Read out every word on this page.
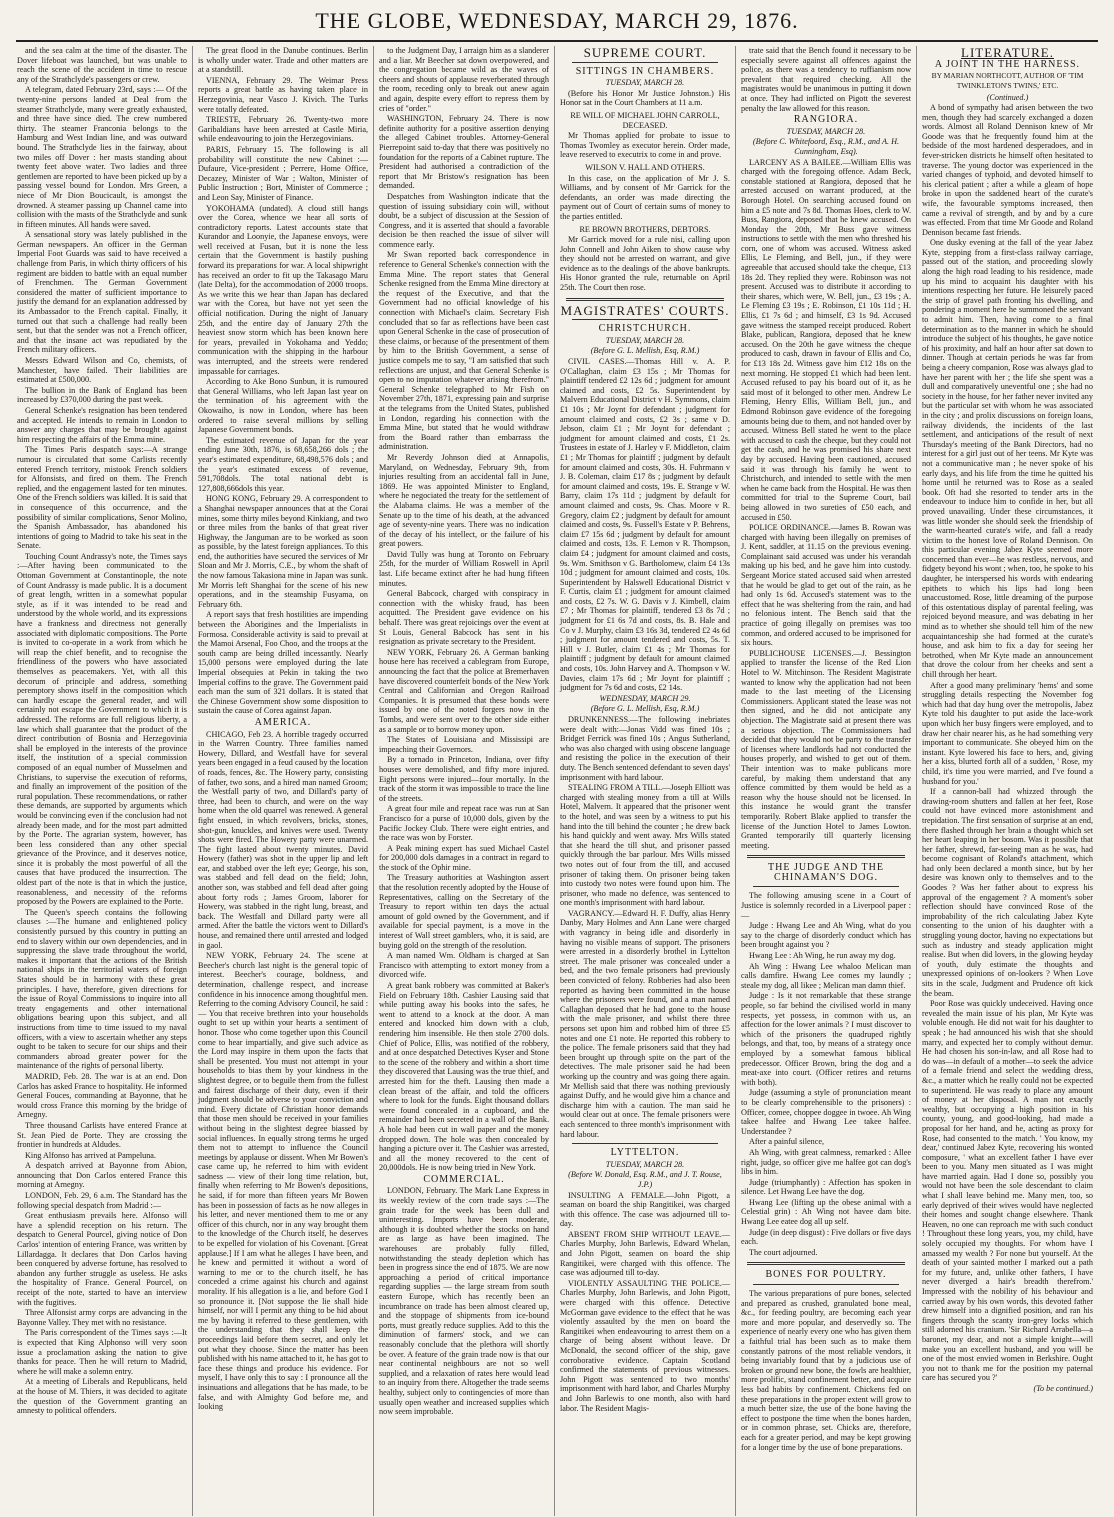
THE GLOBE, WEDNESDAY, MARCH 29, 1876.

and the sea calm at the time of the disaster. The Dover lifeboat was launched, but was unable to reach the scene of the accident in time to rescue any of the Strathclyde's passengers or crew.

A telegram, dated February 23rd, says :— Of the twenty-nine persons landed at Deal from the steamer Strathclyde, many were greatly exhausted, and three have since died. The crew numbered thirty. The steamer Franconia belongs to the Hamburg and West Indian line, and was outward bound. The Strathclyde lies in the fairway, about two miles off Dover : her masts standing about twenty feet above water. Two ladies and three gentlemen are reported to have been picked up by a passing vessel bound for London. Mrs Green, a niece of Mr Dion Boucicault, is amongst the drowned. A steamer passing up Channel came into collision with the masts of the Strathclyde and sunk in fifteen minutes. All hands were saved.

A sensational story was lately published in the German newspapers. An officer in the German Imperial Foot Guards was said to have received a challenge from Paris, in which thirty officers of his regiment are bidden to battle with an equal number of Frenchmen. The German Government considered the matter of sufficient importance to justify the demand for an explanation addressed by its Ambassador to the French capital. Finally, it turned out that such a challenge had really been sent, but that the sender was not a French officer, and that the insane act was repudiated by the French military officers.

Messrs Edward Wilson and Co, chemists, of Manchester, have failed. Their liabilities are estimated at £500,000.

The bullion in the Bank of England has been increased by £370,000 during the past week.

General Schenke's resignation has been tendered and accepted. He intends to remain in London to answer any charges that may be brought against him respecting the affairs of the Emma mine.

The Times Paris despatch says:—A strange rumour is circulated that some Carlists recently entered French territory, mistook French soldiers for Alfonsists, and fired on them. The French replied, and the engagement lasted for ten minutes. One of the French soldiers was killed. It is said that in consequence of this occurrence, and the possibility of similar complications, Senor Molino, the Spanish Ambassador, has abandoned his intentions of going to Madrid to take his seat in the Senate.

Touching Count Andrassy's note, the Times says :—After having been communicated to the Ottoman Government at Constantinople, the note of Count Andrassy is made public. It is a document of great length, written in a somewhat popular style, as if it was intended to be read and understood by the whole world, and its expressions have a frankness and directness not generally associated with diplomatic compositions. The Porte is invited to co-operate in a work from which he will reap the chief benefit, and to recognise the friendliness of the powers who have associated themselves as peacemakers. Yet, with all this decorum of principle and address, something peremptory shows itself in the composition which can hardly escape the general reader, and will certainly not escape the Government to which it is addressed. The reforms are full religious liberty, a law which shall guarantee that the product of the direct contribution of Bosnia and Herzegovinia shall be employed in the interests of the province itself, the institution of a special commission composed of an equal number of Musselmen and Christians, to supervise the execution of reforms, and finally an improvement of the position of the rural population. These recommendations, or rather these demands, are supported by arguments which would be convincing even if the conclusion had not already been made, and for the most part admitted by the Porte. The agrarian system, however, has been less considered than any other special grievance of the Province, and it deserves notice, since it is probably the most powerful of all the causes that have produced the insurrection. The oldest part of the note is that in which the justice, reasonableness, and necessity of the reforms proposed by the Powers are explained to the Porte.

The Queen's speech contains the following clauses :—The humane and enlightened policy consistently pursued by this country in putting an end to slavery within our own dependencies, and in suppressing the slave trade throughout the world, makes it important that the actions of the British national ships in the territorial waters of foreign States should be in harmony with these great principles. I have, therefore, given directions for the issue of Royal Commissions to inquire into all treaty engagements and other international obligations bearing upon this subject, and all instructions from time to time issued to my naval officers, with a view to ascertain whether any steps ought to be taken to secure for our ships and their commanders abroad greater power for the maintenance of the rights of personal liberty.

MADRID, Feb. 28. The war is at an end. Don Carlos has asked France to hospitality. He informed General Fouces, commanding at Bayonne, that he would cross France this morning by the bridge of Arnegny.

Three thousand Carlists have entered France at St. Jean Pied de Porte. They are crossing the frontier in hundreds at Aldudes.

King Alfonso has arrived at Pampeluna.

A despatch arrived at Bayonne from Abion, announcing that Don Carlos entered France this morning at Arnegny.

LONDON, Feb. 29, 6 a.m. The Standard has the following special despatch from Madrid :—

Great enthusiasm prevails here. Alfonso will have a splendid reception on his return. The despatch to General Pourcel, giving notice of Don Carlos' intention of entering France, was written by Lillardagga. It declares that Don Carlos having been conquered by adverse fortune, has resolved to abandon any further struggle as useless. He asks the hospitality of France. General Pourcel, on receipt of the note, started to have an interview with the fugitives.

Three Alfonsist army corps are advancing in the Bayonne Valley. They met with no resistance.

The Paris correspondent of the Times says :—It is expected that King Alphonso will very soon issue a proclamation asking the nation to give thanks for peace. Then he will return to Madrid, where he will make a solemn entry.

At a meeting of Liberals and Republicans, held at the house of M. Thiers, it was decided to agitate the question of the Government granting an amnesty to political offenders.

The great flood in the Danube continues. Berlin is wholly under water. Trade and other matters are at a standstill.

VIENNA, February 29. The Weimar Press reports a great battle as having taken place in Herzegovinia, near Vasco J. Kivich. The Turks were totally defeated.

TRIESTE, February 26. Twenty-two more Garibaldians have been arrested at Castle Miria, while endeavouring to join the Herzegovinians.

PARIS, February 15. The following is all probability will constitute the new Cabinet :—Dufaure, Vice-president ; Perrere, Home Office, Decazey, Minister of War ; Walton, Minister of Public Instruction ; Bort, Minister of Commerce ; and Leon Say, Minister of Finance.

YOKOHAMA (undated). A cloud still hangs over the Corea, whence we hear all sorts of contradictory reports. Latest accounts state that Kurandor and Loonyie, the Japanese envoys, were well received at Fusan, but it is none the less certain that the Government is hastily pushing forward its preparations for war. A local shipwright has received an order to fit up the Takasago Maru (late Delta), for the accommodation of 2000 troops. As we write this we hear than Japan has declared war with the Corea, but have not yet seen the official notification. During the night of January 25th, and the entire day of January 27th the heaviest snow storm which has been known here for years, prevailed in Yokohama and Yeddo; communication with the shipping in the harbour was interrupted, and the streets were rendered impassable for carriages.

According to Ake Bono Sunbun, it is rumoured that General Williams, who left Japan last year on the termination of his agreement with the Okowaiho, is now in London, where has been ordered to raise several millions by selling Japanese Government bonds.

The estimated revenue of Japan for the year ending June 30th, 1876, is 68,658,266 dols ; the year's estimated expenditure, 68,498,576 dols ; and the year's estimated excess of revenue, 591,708dols. The total national debt is 127,808,666dols this year.

HONG KONG, February 29. A correspondent to a Shanghai newspaper announces that at the Corai mines, some thirty miles beyond Kinkiang, and two or three miles from the banks of that great river Highway, the Janguman are to be worked as soon as possible, by the latest foreign appliances. To this end, the authorities have secured the services of Mr Sloan and Mr J. Morris, C.E., by whom the shaft of the now famous Takasiona mine in Japan was sunk. Mr Morris left Shanghai for the scene of his new operations, and in the steamship Fusyama, on February 6th.

A report says that fresh hostilities are impending between the Aborigines and the Imperialists in Formosa. Considerable activity is said to prevail at the Mamoi Arsenal, Foo Choo, and the troops at the south camp are being drilled incessantly. Nearly 15,000 persons were employed during the late Imperial obsequies at Pekin in taking the two Imperial coffins to the grave. The Government paid each man the sum of 321 dollars. It is stated that the Chinese Government show some disposition to sustain the cause of Corea against Japan.

AMERICA.

CHICAGO, Feb 23. A horrible tragedy occurred in the Warren Country. Three families named Howery, Dillard, and Westfall have for several years been engaged in a feud caused by the location of roads, fences, &c. The Howery party, consisting of father, two sons, and a hired man named Groom; the Westfall party of two, and Dillard's party of three, had been to church, and were on the way home when the old quarrel was renewed. A general fight ensued, in which revolvers, bricks, stones, shot-gun, knuckles, and knives were used. Twenty shots were fired. The Howery party were unarmed. The fight lasted about twenty minutes. David Howery (father) was shot in the upper lip and left ear, and stabbed over the left eye; George, his son, was stabbed and fell dead on the field; John, another son, was stabbed and fell dead after going about forty rods ; James Groom, laborer for Howery, was stabbed in the right lung, breast, and back. The Westfall and Dillard party were all armed. After the battle the victors went to Dillard's house, and remained there until arrested and lodged in gaol.

NEW YORK, February 24. The scene at Beecher's church last night is the general topic of interest. Beecher's courage, boldness, and determination, challenge respect, and increase confidence in his innocence among thoughtful men. Referring to the coming Advisory Council, he said :— You that receive brethren into your households ought to set up within your hearts a sentiment of honor. Those who come together upon this Council come to hear impartially, and give such advice as the Lord may inspire in them upon the facts that shall be presented. You must not attempt in your households to bias them by your kindness in the slightest degree, or to beguile them from the fullest and fairest discharge of their duty, even if their judgment should be adverse to your conviction and mind. Every dictate of Christian honor demands that those men should be received in your families without being in the slightest degree biassed by social influences. In equally strong terms he urged them not to attempt to influence the Council meetings by applause or dissent. When Mr Bowen's case came up, he referred to him with evident sadness — view of their long time relation, but, finally when referring to Mr Bowen's depositions, he said, if for more than fifteen years Mr Bowen has been in possession of facts as he now alleges in his letter, and never mentioned them to me or any officer of this church, nor in any way brought them to the knowledge of the Church itself, he deserves to be expelled for violation of his Covenant. [Great applause.] If I am what he alleges I have been, and he knew and permitted it without a word of warning to me or to the church itself, he has conceded a crime against his church and against morality. If his allegation is a lie, and before God I so pronounce it. [Not suppose the lie shall hide himself, nor will I permit any thing to be hid about me by having it referred to these gentlemen, with the understanding that they shall keep the proceedings laid before them secret, and only let out what they choose. Since the matter has been published with his name attached to it, he has got to face these things and produce his evidence. For myself, I have only this to say : I pronounce all the insinuations and allegations that he has made, to be false, and with Almighty God before me, and looking

to the Judgment Day, I arraign him as a slanderer and a liar. Mr Beecher sat down overpowered, and the congregation became wild as the waves of cheers and shouts of applause reverberated through the room, receding only to break out anew again and again, despite every effort to repress them by cries of "order."

WASHINGTON, February 24. There is now definite authority for a positive assertion denying the alleged Cabinet troubles. Attorney-General Pierrepoint said to-day that there was positively no foundation for the reports of a Cabinet rupture. The President had authorised a contradiction of the report that Mr Bristow's resignation has been demanded.

Despatches from Washington indicate that the question of issuing subsidiary coin will, without doubt, be a subject of discussion at the Session of Congress, and it is asserted that should a favorable decision be then reached the issue of silver will commence early.

Mr Swan reported back correspondence in reference to General Schenke's connection with the Emma Mine. The report states that General Schenke resigned from the Emma Mine directory at the request of the Executive, and that the Government had no official knowledge of his connection with Michael's claim. Secretary Fish concluded that so far as reflections have been cast upon General Schenke in the case of prosecution of these claims, or because of the presentment of them by him to the British Government, a sense of justice compels me to say, "I am satisfied that such reflections are unjust, and that General Schenke is open to no imputation whatever arising therefrom." General Schenke telegraphed to Mr Fish on November 27th, 1871, expressing pain and surprise at the telegrams from the United States, published in London, regarding his connection with the Emma Mine, but stated that he would withdraw from the Board rather than embarrass the administration.

Mr Reverdy Johnson died at Annapolis, Maryland, on Wednesday, February 9th, from injuries resulting from an accidental fall in June, 1869. He was appointed Minister to England, where he negociated the treaty for the settlement of the Alabama claims. He was a member of the Senate up to the time of his death, at the advanced age of seventy-nine years. There was no indication of the decay of his intellect, or the failure of his great powers.

David Tully was hung at Toronto on February 25th, for the murder of William Roswell in April last. Life became extinct after he had hung fifteen minutes.

General Babcock, charged with conspiracy in connection with the whisky fraud, has been acquitted. The President gave evidence on his behalf. There was great rejoicings over the event at St Louis, General Babcock has sent in his resignation as private secretary to the President.

NEW YORK, February 26. A German banking house here has received a cablegram from Europe, announcing the fact that the police at Bremerhaven have discovered counterfeit bonds of the New York Central and Californian and Oregon Railroad Companies. It is presumed that these bonds were issued by one of the noted forgers now in the Tombs, and were sent over to the other side either as a sample or to borrow money upon.

The States of Louisiana and Mississipi are impeaching their Governors.

By a tornado in Princeton, Indiana, over fifty houses were demolished, and fifty more injured. Eight persons were injured—four mortally. In the track of the storm it was impossible to trace the line of the streets.

A great four mile and repeat race was run at San Francisco for a purse of 10,000 dols, given by the Pacific Jockey Club. There were eight entries, and the race was won by Forster.

A Peak mining expert has sued Michael Castel for 200,000 dols damages in a contract in regard to the stock of the Ophir mine.

The Treasury authorities at Washington assert that the resolution recently adopted by the House of Representatives, calling on the Secretary of the Treasury to report within ten days the actual amount of gold owned by the Government, and if available for special payment, is a move in the interest of Wall street gamblers, who, it is said, are buying gold on the strength of the resolution.

A man named Wm. Oldham is charged at San Francisco with attempting to extort money from a divorced wife.

A great bank robbery was committed at Baker's Field on February 18th. Cashier Lausing said that while putting away his books into the safes, he went to attend to a knock at the door. A man entered and knocked him down with a club, rendering him insensible. He then stole 2700 dols. Chief of Police, Ellis, was notified of the robbery, and at once despatched Detectives Kyser and Stone to the scene of the robbery and within a short time they discovered that Lausing was the true thief, and arrested him for the theft. Lausing then made a clean breast of the affair, and told the officers where to look for the funds. Eight thousand dollars were found concealed in a cupboard, and the remainder had been secreted in a wall of the Bank. A hole had been cut in wall paper and the money dropped down. The hole was then concealed by hanging a picture over it. The Cashier was arrested, and all the money recovered to the cent of 20,000dols. He is now being tried in New York.

COMMERCIAL.

LONDON, February. The Mark Lane Express in its weekly review of the corn trade says :—The grain trade for the week has been dull and uninteresting. Imports have been moderate, although it is doubted whether the stocks on hand are as large as have been imagined. The warehouses are probably fully filled, notwithstanding the steady depletion which has been in progress since the end of 1875. We are now approaching a period of critical importance regarding supplies — the large stream from south eastern Europe, which has recently been an incumbrance on trade has been almost cleared up, and the stoppage of shipments from ice-bound ports, must greatly reduce supplies. Add to this the diminution of farmers' stock, and we can reasonably conclude that the plethora will shortly be over. A feature of the grain trade now is that our near continental neighbours are not so well supplied, and a relaxation of rates here would lead to an inquiry from there. Altogether the trade seems healthy, subject only to contingencies of more than usually open weather and increased supplies which now seem improbable.

SUPREME COURT.
SITTINGS IN CHAMBERS.
TUESDAY, MARCH 28.

(Before his Honor Mr Justice Johnston.) His Honor sat in the Court Chambers at 11 a.m.

RE WILL OF MICHAEL JOHN CARROLL, DECEASED.

Mr Thomas applied for probate to issue to Thomas Twomley as executor herein. Order made, leave reserved to executrix to come in and prove.

WILSON V. HALL AND OTHERS.

In this case, on the application of Mr J. S. Williams, and by consent of Mr Garrick for the defendants, an order was made directing the payment out of Court of certain sums of money to the parties entitled.

RE BROWN BROTHERS, DEBTORS.

Mr Garrick moved for a rule nisi, calling upon John Connell and John Aiken to show cause why they should not be arrested on warrant, and give evidence as to the dealings of the above bankrupts. His Honor granted the rule, returnable on April 25th. The Court then rose.

MAGISTRATES' COURTS.
CHRISTCHURCH.
TUESDAY, MARCH 28.
(Before G. L. Mellish, Esq, R.M.)

CIVIL CASES.—Thomas Hill v. A. P. O'Callaghan, claim £3 15s ; Mr Thomas for plaintiff tendered £2 12s 6d ; judgment for amount claimed and costs, £2 5s. Superintendent by Malvern Educational District v H. Symmons, claim £1 10s ; Mr Joynt for defendant ; judgment for amount claimed and costs, £2 3s ; same v D. Jebson, claim £1 ; Mr Joynt for defendant ; judgment for amount claimed and costs, £1 2s. Trustees in estate of J. Harley v F. Middleton, claim £1 ; Mr Thomas for plaintiff ; judgment by default for amount claimed and costs, 30s. H. Fuhrmann v J. B. Coleman, claim £17 8s ; judgment by default for amount claimed and costs, 19s. E. Strange v W. Barry, claim 17s 11d ; judgment by default for amount claimed and costs, 9s. Chas. Moore v R. Gregory, claim £2 ; judgment by default for amount claimed and costs, 9s. Fussell's Estate v P. Behrens, claim £7 15s 6d ; judgment by default for amount claimed and costs, 13s. F. Lemon v R. Thompson, claim £4 ; judgment for amount claimed and costs, 9s. Wm. Smithson v G. Bartholomew, claim £4 13s 10d ; judgment for amount claimed and costs, 10s. Superintendent by Halswell Educational District v F. Curtis, claim £1 ; judgment for amount claimed and costs, £2 7s. W. G. Davis v J. Kimbell, claim £7 ; Mr Thomas for plaintiff, tendered £3 8s 7d ; judgment for £1 6s 7d and costs, 8s. B. Hale and Co v J. Murphy, claim £3 16s 3d, tendered £2 4s 6d ; judgment for amount tendered and costs, 5s. T. Hill v J. Butler, claim £1 4s ; Mr Thomas for plaintiff ; judgment by default for amount claimed and costs, 10s. John Harvey and A. Thompson v W. Davies, claim 17s 6d ; Mr Joynt for plaintiff ; judgment for 7s 6d and costs, £2 14s.

WEDNESDAY, MARCH 29.
(Before G. L. Mellish, Esq, R.M.)

DRUNKENNESS.—The following inebriates were dealt with:—Jonas Vidd was fined 10s ; Bridget Ferrick was fined 10s ; Angus Sutherland, who was also charged with using obscene language and resisting the police in the execution of their duty. The Bench sentenced defendant to seven days' imprisonment with hard labour.

STEALING FROM A TILL.—Joseph Elliott was charged with stealing money from a till at Wills Hotel, Malvern. It appeared that the prisoner went to the hotel, and was seen by a witness to put his hand into the till behind the counter ; he drew back his hand quickly and went away. Mrs Wills stated that she heard the till shut, and prisoner passed quickly through the bar parlour. Mrs Wills missed two notes out of four from the till, and accused prisoner of taking them. On prisoner being taken into custody two notes were found upon him. The prisoner, who made no defence, was sentenced to one month's imprisonment with hard labour.

VAGRANCY.—Edward H. F. Duffy, alias Henry Danby, Mary Holmes and Ann Lane were charged with vagrancy in being idle and disorderly in having no visible means of support. The prisoners were arrested in a disorderly brothel in Lyttelton street. The male prisoner was concealed under a bed, and the two female prisoners had previously been convicted of felony. Robberies had also been reported as having been committed in the house where the prisoners were found, and a man named Callaghan deposed that he had gone to the house with the male prisoner, and whilst there three persons set upon him and robbed him of three £5 notes and one £1 note. He reported this robbery to the police. The female prisoners said that they had been brought up through spite on the part of the detectives. The male prisoner said he had been working up the country and was going there again. Mr Mellish said that there was nothing previously against Duffy, and he would give him a chance and discharge him with a caution. The man said he would clear out at once. The female prisoners were each sentenced to three month's imprisonment with hard labour.

LYTTELTON.
TUESDAY, MARCH 28.
(Before W. Donald, Esq. R.M., and J. T. Rouse, J.P.)

INSULTING A FEMALE.—John Pigott, a seaman on board the ship Rangitikei, was charged with this offence. The case was adjourned till to-day.

ABSENT FROM SHIP WITHOUT LEAVE.—Charles Murphy, John Barlewis, Edward Whelan, and John Pigott, seamen on board the ship Rangitikei, were charged with this offence. The case was adjourned till to-day.

VIOLENTLY ASSAULTING THE POLICE.—Charles Murphy, John Barlewis, and John Pigott, were charged with this offence. Detective McGorman gave evidence to the effect that he was violently assaulted by the men on board the Rangitikei when endeavouring to arrest them on a charge of being absent without leave. Dr McDonald, the second officer of the ship, gave corroborative evidence. Captain Scotland confirmed the statements of previous witnesses. John Pigott was sentenced to two months' imprisonment with hard labor, and Charles Murphy and John Barlewis to one month, also with hard labor. The Resident Magis-

trate said that the Bench found it necessary to be especially severe against all offences against the police, as there was a tendency to ruffianism now prevalent that required checking. All the magistrates would be unanimous in putting it down at once. They had inflicted on Pigott the severest penalty the law allowed for this reason.

RANGIORA.
TUESDAY, MARCH 28.
(Before C. Whitefoord, Esq., R.M., and A. H. Cunningham, Esq).

LARCENY AS A BAILEE.—William Ellis was charged with the foregoing offence. Adam Beck, constable stationed at Rangiora, deposed that he arrested accused on warrant produced, at the Borough Hotel. On searching accused found on him a £5 note and 7s 8d. Thomas Hoes, clerk to W. Buss, Rangiora, deposed that he knew accused. On Monday the 20th, Mr Buss gave witness instructions to settle with the men who threshed his corn, one of whom was accused. Witness asked Ellis, Le Fleming, and Bell, jun., if they were agreeable that accused should take the cheque, £13 18s 2d. They replied they were. Robinson was not present. Accused was to distribute it according to their shares, which were, W. Bell, jun., £3 19s ; A. Le Fleming £3 19s ; E. Robinson, £1 10s 11d ; H. Ellis, £1 7s 6d ; and himself, £3 1s 9d. Accused gave witness the stamped receipt produced. Robert Blake, publican, Rangiora, deposed that he knew accused. On the 20th he gave witness the cheque produced to cash, drawn in favour of Ellis and Co, for £13 18s 2d. Witness gave him £12 18s on the next morning. He stopped £1 which had been lent. Accused refused to pay his board out of it, as he said most of it belonged to other men. Andrew Le Fleming, Henry Ellis, William Bell, jun., and Edmond Robinson gave evidence of the foregoing amounts being due to them, and not handed over by accused. Witness Bell stated he went to the place with accused to cash the cheque, but they could not get the cash, and he was promised his share next day by accused. Having been cautioned, accused said it was through his family he went to Christchurch, and intended to settle with the men when he came back from the Hospital. He was then committed for trial to the Supreme Court, bail being allowed in two sureties of £50 each, and accused in £50.

POLICE ORDINANCE.—James B. Rowan was charged with having been illegally on premises of J. Kent, saddler, at 11.15 on the previous evening. Complainant said accused was under his verandah making up his bed, and he gave him into custody. Sergeant Morice stated accused said when arrested that he would be glad to get out of the rain, as he had only 1s 6d. Accused's statement was to the effect that he was sheltering from the rain, and had no felonious intent. The Bench said that the practice of going illegally on premises was too common, and ordered accused to be imprisoned for six hours.

PUBLICHOUSE LICENSES.—J. Bessington applied to transfer the license of the Red Lion Hotel to W. Mitchinson. The Resident Magistrate wanted to know why the application had not been made to the last meeting of the Licensing Commissioners. Applicant stated the lease was not then signed, and he did not anticipate any objection. The Magistrate said at present there was a serious objection. The Commissioners had decided that they would not be party to the transfer of licenses where landlords had not conducted the houses properly, and wished to get out of them. Their intention was to make publicans more careful, by making them understand that any offence committed by them would be held as a reason why the house should not be licensed. In this instance he would grant the transfer temporarily. Robert Blake applied to transfer the license of the Junction Hotel to James Lowton. Granted temporarily till quarterly licensing meeting.

THE JUDGE AND THE CHINAMAN'S DOG.

The following amusing scene in a Court of Justice is solemnly recorded in a Liverpool paper :—

Judge : Hwang Lee and Ah Wing, what do you say to the charge of disorderly conduct which has been brought against you ?

Hwang Lee : Ah Wing, he run away my dog.

Ah Wing : Hwang Lee whaloo Melican man calls damfire. Hwang Lee comes my laundly ; steale my dog, all likee ; Melican man damn thief.

Judge : Is it not remarkable that these strange people, so far behind the civilised world in many respects, yet possess, in common with us, an affection for the lower animals ? I must discover to which of the prisoners the quadruped rightly belongs, and that, too, by means of a strategy once employed by a somewhat famous biblical predecessor. Officer Brown, bring the dog and a meat-axe into court. (Officer retires and returns with both).

Judge (assuming a style of pronunciation meant to be clearly comprehensible to the prisoners) : Officer, comee, choppee doggee in twoee. Ah Wing takee halfee and Hwang Lee takee halfee. Understandee ?

After a painful silence,

Ah Wing, with great calmness, remarked : Allee right, judge, so officer give me halfee got can dog's libs in him.

Judge (triumphantly) : Affection has spoken in silence. Let Hwang Lee have the dog.

Hwang Lee (lifting up the obese animal with a Celestial grin) : Ah Wing not havee dam bite. Hwang Lee eatee dog all up self.

Judge (in deep disgust) : Five dollars or five days each.

The court adjourned.

BONES FOR POULTRY.

The various preparations of pure bones, selected and prepared as crushed, granulated bone meal, &c., for feeding poultry, are becoming each year more and more popular, and deservedly so. The experience of nearly every one who has given them a faithful trial has been such as to make them constantly patrons of the most reliable vendors, it being invariably found that by a judicious use of broken or ground new bone, the fowls are healthier, more prolific, stand confinement better, and acquire less bad habits by confinement. Chickens fed on these preparations in the proper extent will grow to a much better size, the use of the bone having the effect to postpone the time when the bones harden, or in common phrase, set. Chicks are, therefore, each for a greater period, and may be kept growing for a longer time by the use of bone preparations.

LITERATURE.
A JOINT IN THE HARNESS.
BY MARIAN NORTHCOTT, AUTHOR OF 'TIM TWINKLETON'S TWINS,' ETC.
(Continued.)

A bond of sympathy had arisen between the two men, though they had scarcely exchanged a dozen words. Almost all Roland Dennison knew of Mr Goode was that he frequently found him at the bedside of the most hardened desperadoes, and in fever-stricken districts he himself often hesitated to traverse. The young doctor was experienced in the varied changes of typhoid, and devoted himself to his clerical patient ; after a while a gleam of hope broke in upon the saddened heart of the curate's wife, the favourable symptoms increased, then came a revival of strength, and by and by a cure was effected. From that time Mr Goode and Roland Dennison became fast friends.

One dusky evening at the fall of the year Jabez Kyte, stepping from a first-class railway carriage, passed out of the station, and proceeding slowly along the high road leading to his residence, made up his mind to acquaint his daughter with his intentions respecting her future. He leisurely paced the strip of gravel path fronting his dwelling, and pondering a moment here he summoned the servant to admit him. Then, having come to a final determination as to the manner in which he should introduce the subject of his thoughts, he gave notice of his proximity, and half an hour after sat down to dinner. Though at certain periods he was far from being a cheery companion, Rose was always glad to have her parent with her ; the life she spent was a dull and comparatively uneventful one ; she had no society in the house, for her father never invited any but the particular set with whom he was associated in the city ; and prolix discussions on foreign loans, railway dividends, the incidents of the last settlement, and anticipations of the result of next Thursday's meeting of the Bank Directors, had no interest for a girl just out of her teens. Mr Kyte was not a communicative man ; he never spoke of his early days, and his life from the time he quitted his home until he returned was to Rose as a sealed book. Oft had she resorted to tender arts in the endeavour to induce him to confide in her, but all proved unavailing. Under these circumstances, it was little wonder she should seek the friendship of the warm-hearted curate's wife, and fall a ready victim to the honest love of Roland Dennison. On this particular evening Jabez Kyte seemed more concerned than ever—he was restless, nervous, and fidgety beyond his wont ; when, too, he spoke to his daughter, he interspersed his words with endearing epithets to which his lips had long been unaccustomed. Rose, little dreaming of the purpose of this ostentatious display of parental feeling, was rejoiced beyond measure, and was debating in her mind as to whether she should tell him of the new acquaintanceship she had formed at the curate's house, and ask him to fix a day for seeing her betrothed, when Mr Kyte made an announcement that drove the colour from her cheeks and sent a chill through her heart.

After a good many preliminary 'hems' and some struggling details respecting the November fog which had that day hung over the metropolis, Jabez Kyte told his daughter to put aside the lace-work upon which her busy fingers were employed, and to draw her chair nearer his, as he had something very important to communicate. She obeyed him on the instant. Kyte lowered his face to hers, and, giving her a kiss, blurted forth all of a sudden, ' Rose, my child, it's time you were married, and I've found a husband for you.'

If a cannon-ball had whizzed through the drawing-room shutters and fallen at her feet, Rose could not have evinced more astonishment and trepidation. The first sensation of surprise at an end, there flashed through her brain a thought which set her heart leaping in her bosom. Was it possible that her father, shrewd, far-seeing man as he was, had become cognisant of Roland's attachment, which had only been declared a month since, but by her desire was known only to themselves and to the Goodes ? Was her father about to express his approval of the engagement ? A moment's sober reflection should have convinced Rose of the improbability of the rich calculating Jabez Kyte consenting to the union of his daughter with a struggling young doctor, having no expectations but such as industry and steady application might realise. But when did lovers, in the glowing heyday of youth, duly estimate the thoughts and unexpressed opinions of on-lookers ? When Love sits in the scale, Judgment and Prudence oft kick the beam.

Poor Rose was quickly undeceived. Having once revealed the main issue of his plan, Mr Kyte was voluble enough. He did not wait for his daughter to speak ; he had announced his wish that she should marry, and expected her to comply without demur. He had chosen his son-in-law, and all Rose had to do was—in default of a mother—to seek the advice of a female friend and select the wedding dress, &c., a matter which he really could not be expected to superintend. He was ready to place any amount of money at her disposal. A man not exactly wealthy, but occupying a high position in his county, young, and good-looking, had made a proposal for her hand, and he, acting as proxy for Rose, had consented to the match. ' You know, my dear,' continued Jabez Kyte, recovering his wonted composure, ' what an excellent father I have ever been to you. Many men situated as I was might have married again. Had I done so, possibly you would not have been the sole descendant to claim what I shall leave behind me. Many men, too, so early deprived of their wives would have neglected their homes and sought change elsewhere. Thank Heaven, no one can reproach me with such conduct ! Throughout these long years, you, my child, have solely occupied my thoughts. For whom have I amassed my wealth ? For none but yourself. At the death of your sainted mother I marked out a path for my future, and, unlike other fathers, I have never diverged a hair's breadth therefrom.' Impressed with the nobility of his behaviour and carried away by his own words, this devoted father drew himself into a dignified position, and ran his fingers through the scanty iron-grey locks which still adorned his cranium. 'Sir Richard Arrabella—a baronet, my dear, and not a simple knight—will make you an excellent husband, and you will be one of the most envied women in Berkshire. Ought you not to thank me for the position my paternal care has secured you ?'

(To be continued.)
